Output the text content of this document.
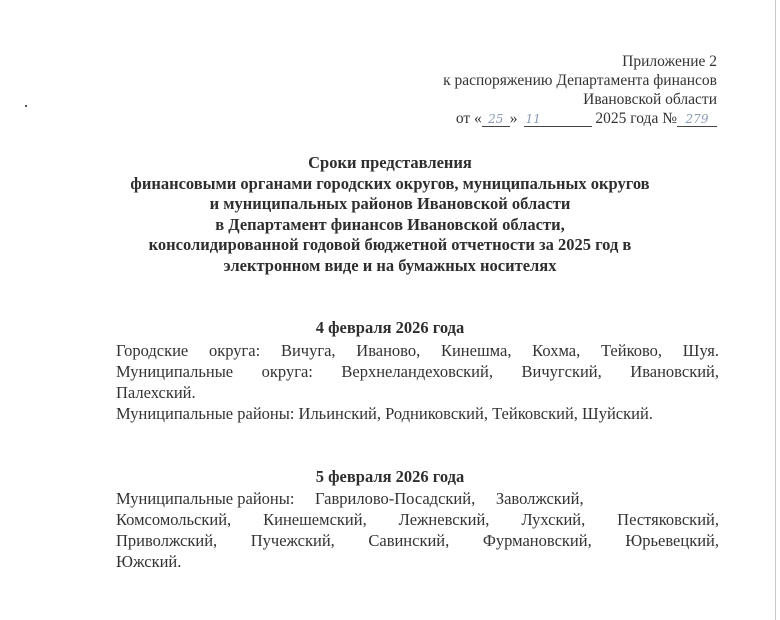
Приложение 2
к распоряжению Департамента финансов
Ивановской области
от « 25 » 11	2025 года № 279
Сроки представления
финансовыми органами городских округов, муниципальных округов
и муниципальных районов Ивановской области
в Департамент финансов Ивановской области,
консолидированной годовой бюджетной отчетности за 2025 год в
электронном виде и на бумажных носителях
4 февраля 2026 года
Городские округа: Вичуга, Иваново, Кинешма, Кохма, Тейково, Шуя.
Муниципальные округа: Верхнеландеховский, Вичугский, Ивановский,
Палехский.
Муниципальные районы: Ильинский, Родниковский, Тейковский, Шуйский.
5 февраля 2026 года
Муниципальные районы:     Гаврилово-Посадский,     Заволжский,
Комсомольский, Кинешемский, Лежневский, Лухский, Пестяковский,
Приволжский, Пучежский, Савинский, Фурмановский, Юрьевецкий,
Южский.
